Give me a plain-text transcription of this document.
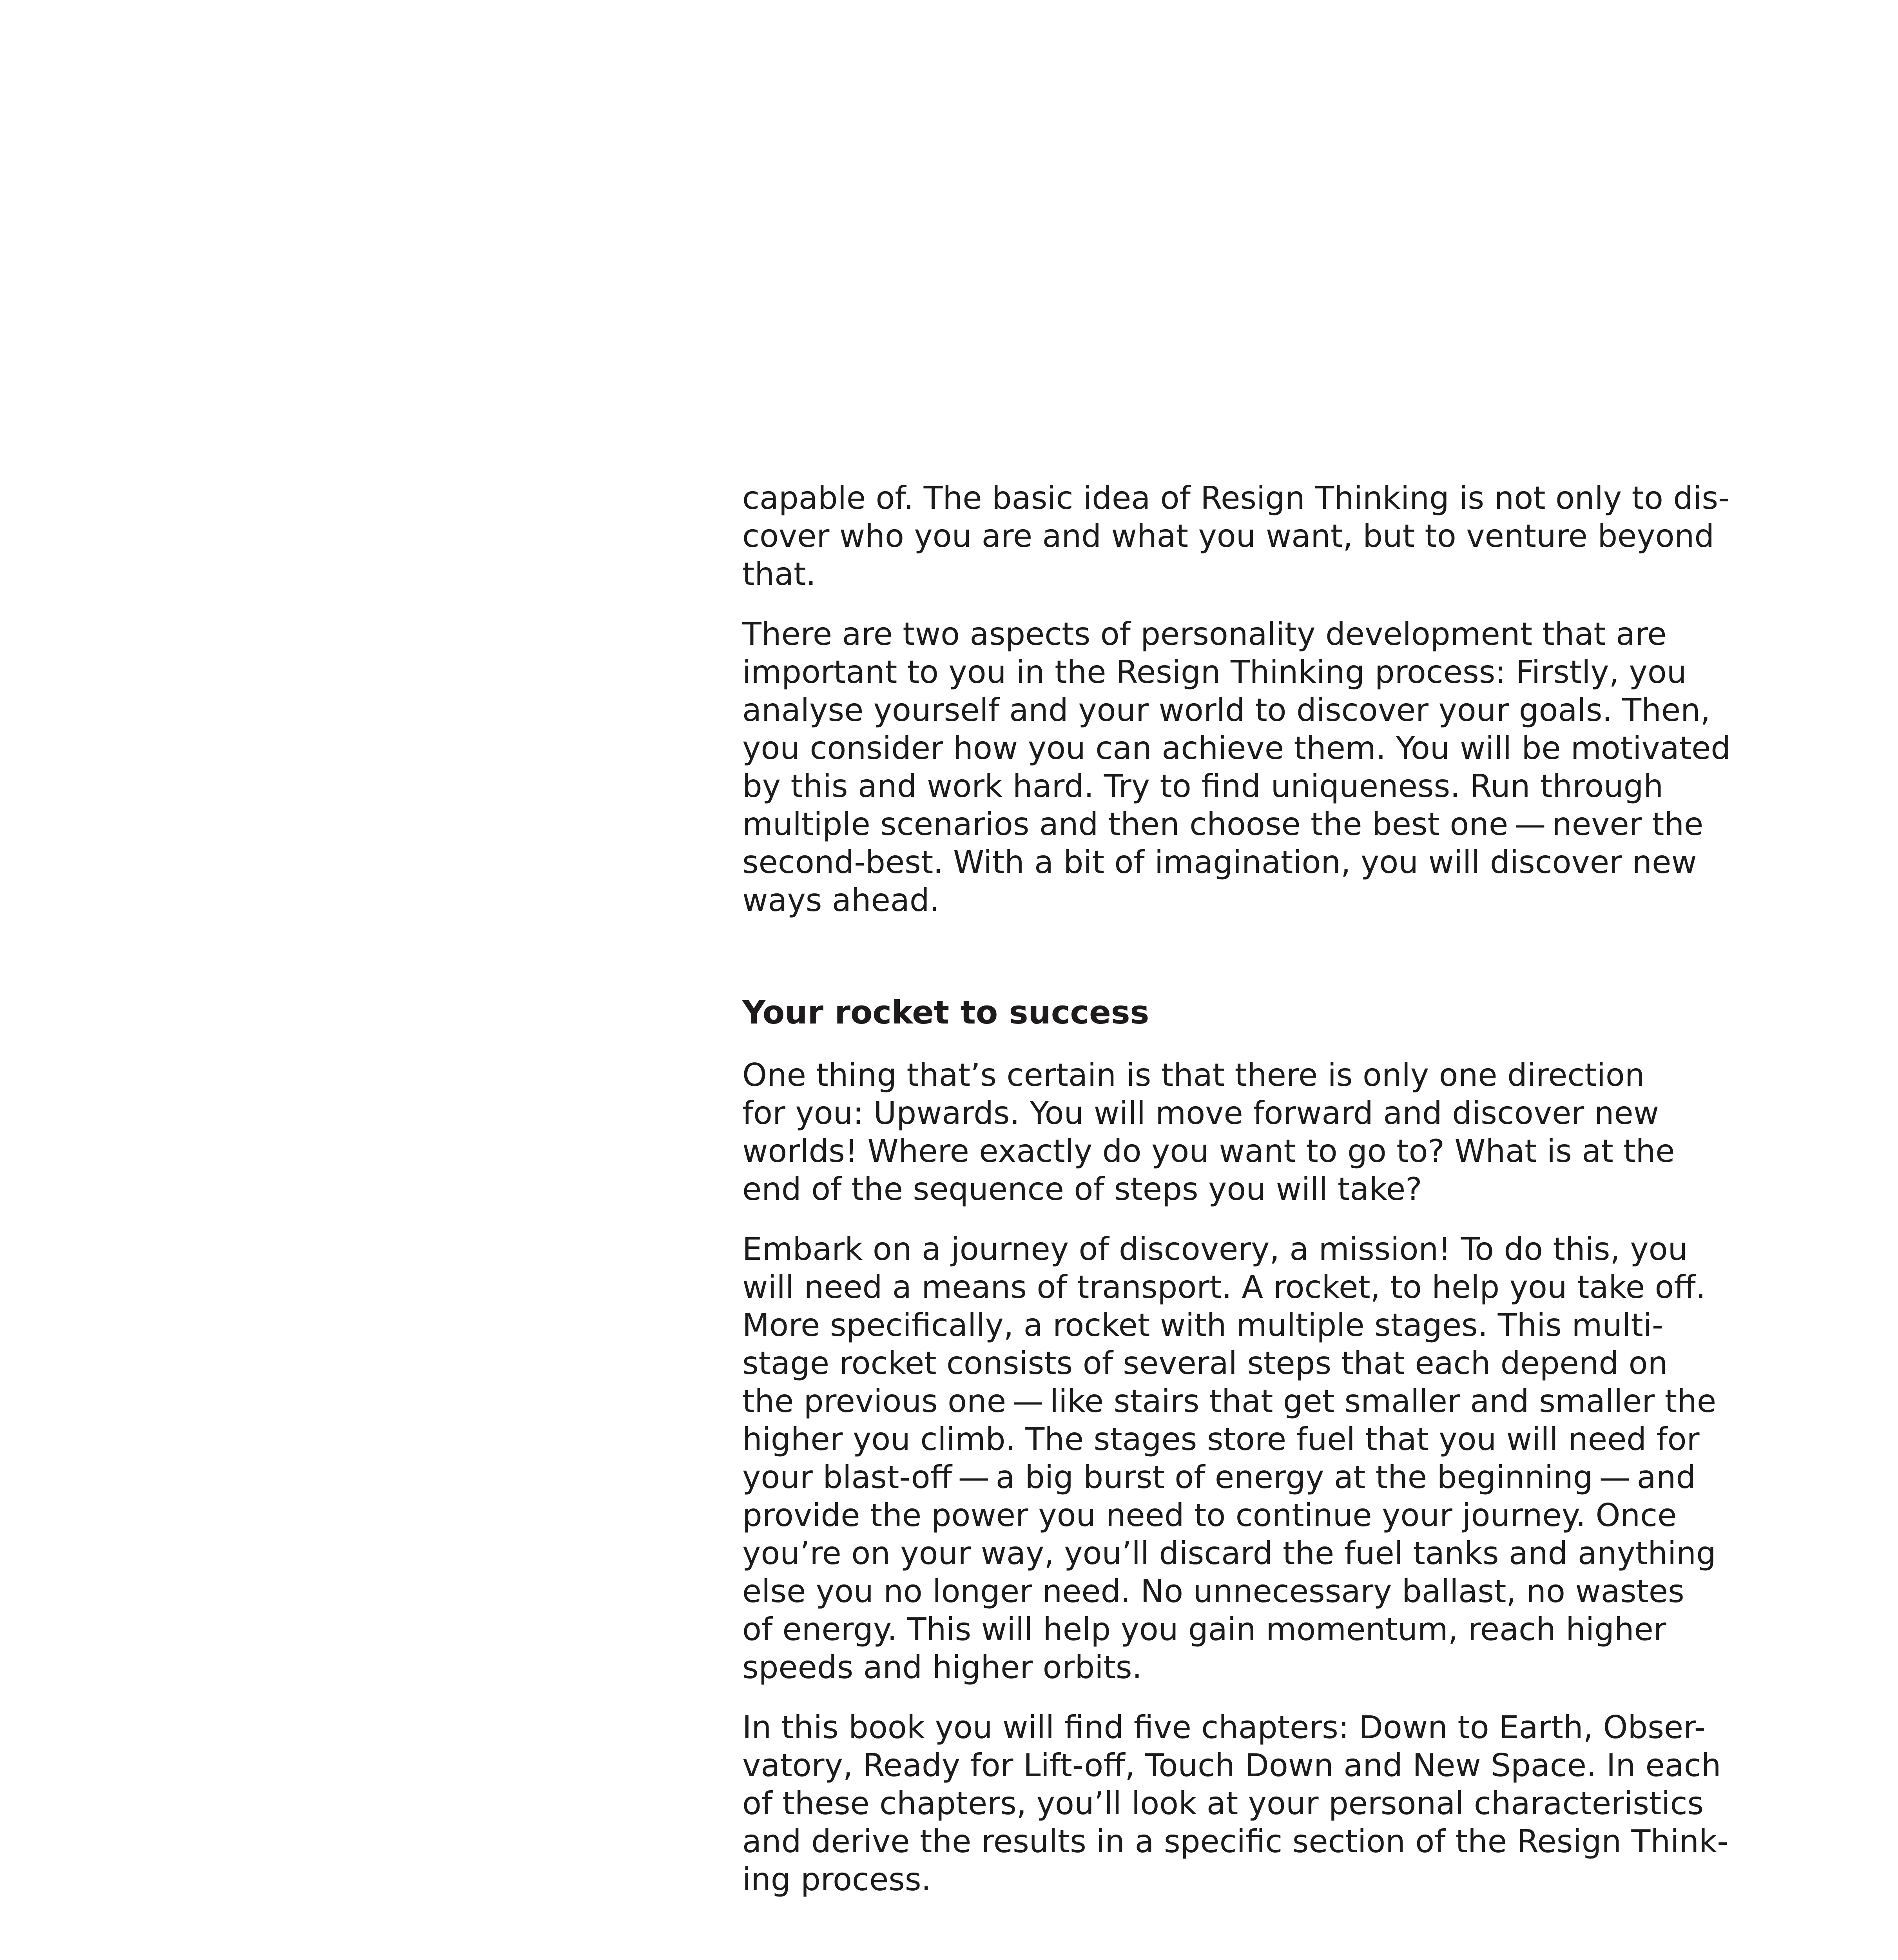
capable of. The basic idea of Resign Thinking is not only to dis-
cover who you are and what you want, but to venture beyond
that.
There are two aspects of personality development that are
important to you in the Resign Thinking process: Firstly, you
analyse yourself and your world to discover your goals. Then,
you consider how you can achieve them. You will be motivated
by this and work hard. Try to find uniqueness. Run through
multiple scenarios and then choose the best one — never the
second-best. With a bit of imagination, you will discover new
ways ahead.
Your rocket to success
One thing that’s certain is that there is only one direction
for you: Upwards. You will move forward and discover new
worlds! Where exactly do you want to go to? What is at the
end of the sequence of steps you will take?
Embark on a journey of discovery, a mission! To do this, you
will need a means of transport. A rocket, to help you take off.
More specifically, a rocket with multiple stages. This multi-
stage rocket consists of several steps that each depend on
the previous one — like stairs that get smaller and smaller the
higher you climb. The stages store fuel that you will need for
your blast-off — a big burst of energy at the beginning — and
provide the power you need to continue your journey. Once
you’re on your way, you’ll discard the fuel tanks and anything
else you no longer need. No unnecessary ballast, no wastes
of energy. This will help you gain momentum, reach higher
speeds and higher orbits.
In this book you will find five chapters: Down to Earth, Obser-
vatory, Ready for Lift-off, Touch Down and New Space. In each
of these chapters, you’ll look at your personal characteristics
and derive the results in a specific section of the Resign Think-
ing process.
